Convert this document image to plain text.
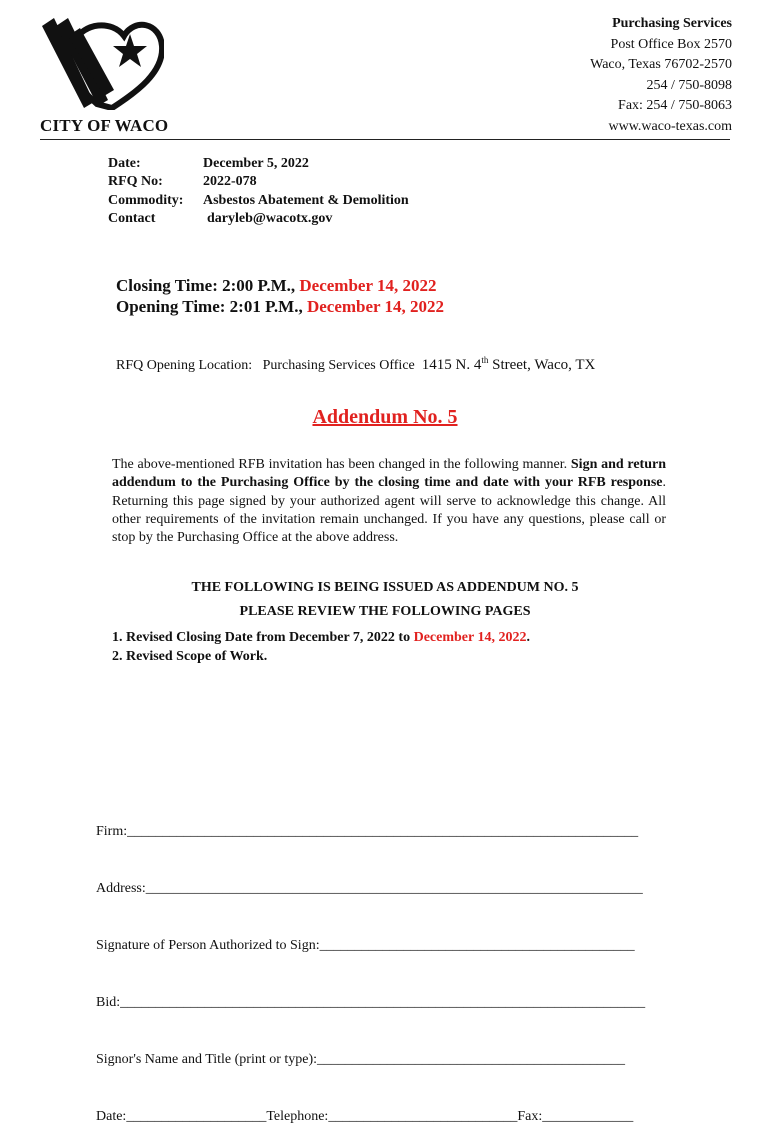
CITY OF WACO
Purchasing Services
Post Office Box 2570
Waco, Texas 76702-2570
254 / 750-8098
Fax: 254 / 750-8063
www.waco-texas.com
Date:	December 5, 2022
RFQ No:	2022-078
Commodity:	Asbestos Abatement & Demolition
Contact	daryleb@wacotx.gov
Closing Time: 2:00 P.M., December 14, 2022
Opening Time: 2:01 P.M., December 14, 2022
RFQ Opening Location: Purchasing Services Office 1415 N. 4th Street, Waco, TX
Addendum No. 5
The above-mentioned RFB invitation has been changed in the following manner. Sign and return addendum to the Purchasing Office by the closing time and date with your RFB response. Returning this page signed by your authorized agent will serve to acknowledge this change. All other requirements of the invitation remain unchanged. If you have any questions, please call or stop by the Purchasing Office at the above address.
THE FOLLOWING IS BEING ISSUED AS ADDENDUM NO. 5
PLEASE REVIEW THE FOLLOWING PAGES
1. Revised Closing Date from December 7, 2022 to December 14, 2022.
2. Revised Scope of Work.

Firm:_________________________________________________________________________

Address:_______________________________________________________________________

Signature of Person Authorized to Sign:_____________________________________________

Bid:___________________________________________________________________________

Signor's Name and Title (print or type):____________________________________________

Date:____________________Telephone:___________________________Fax:_____________
